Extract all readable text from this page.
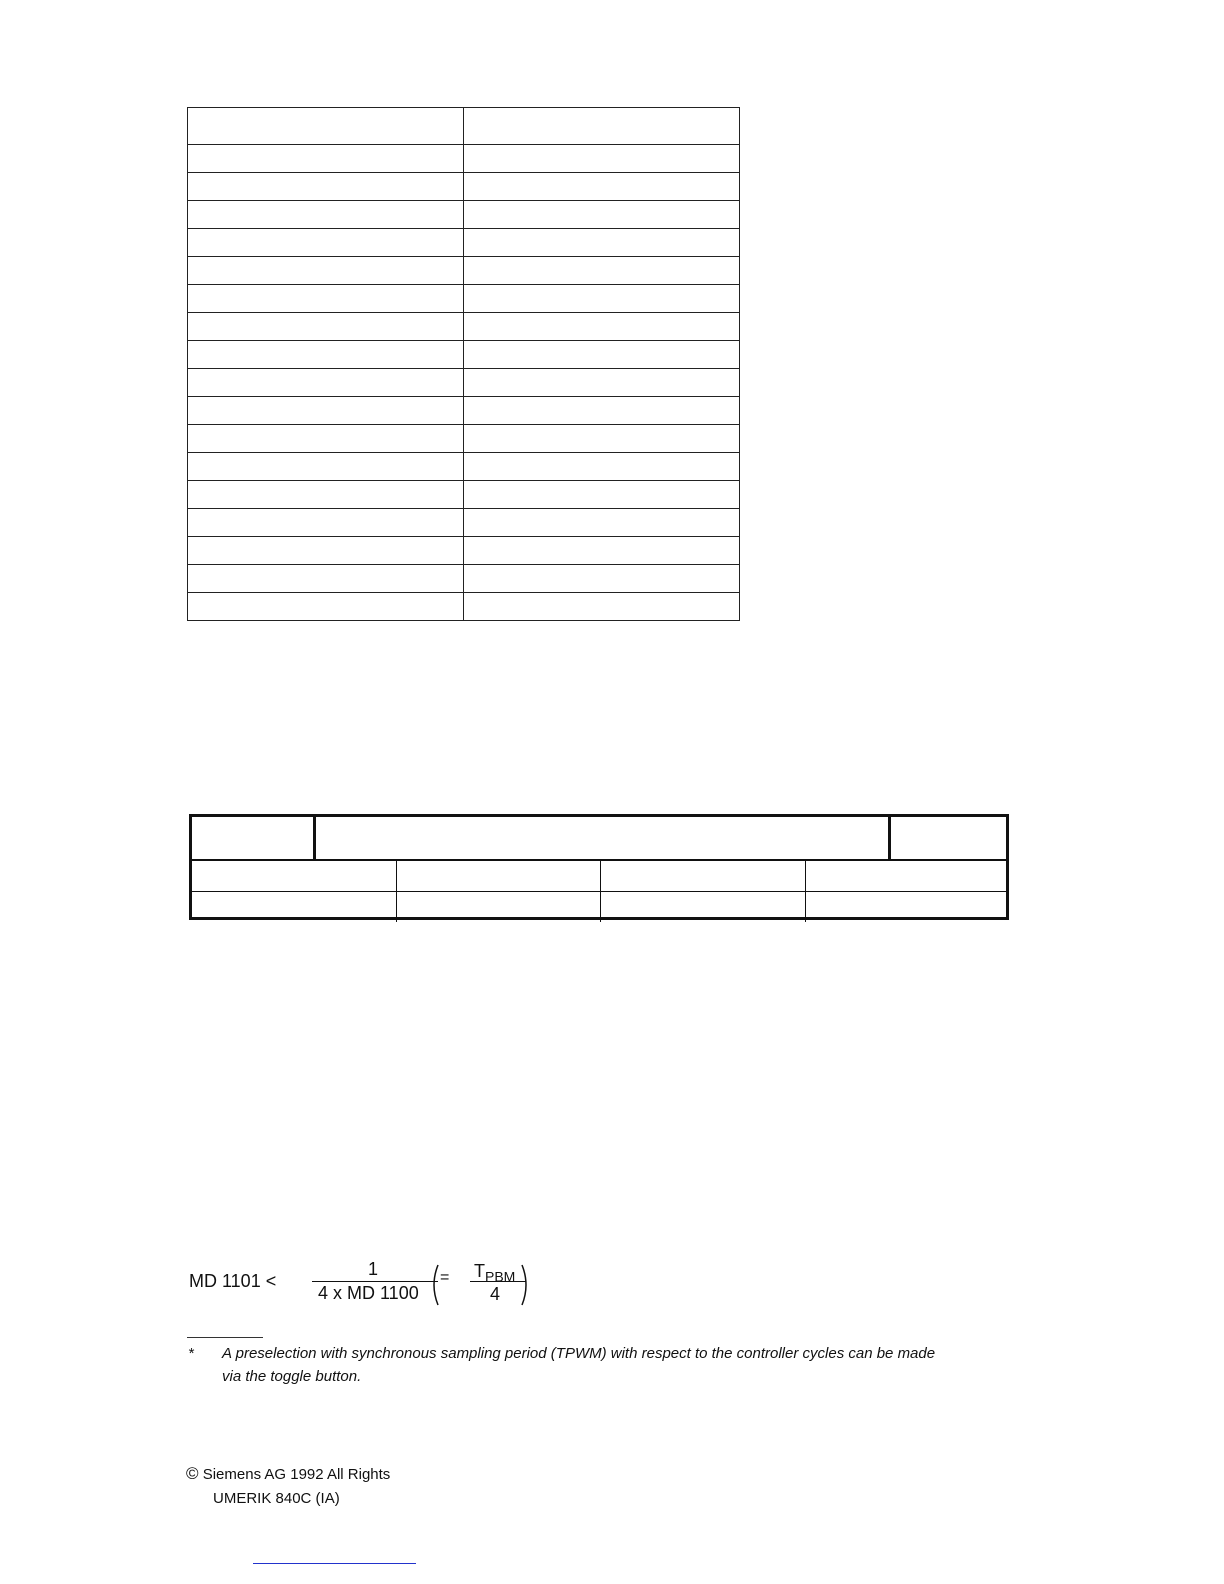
MD 1101 <
1
4 x MD 1100
= $T_{PBM}$
4
* A preselection with synchronous sampling period (TPWM) with respect to the controller cycles can be made
via the toggle button.
© Siemens AG 1992 All Rights
UMERIK 840C (IA)
